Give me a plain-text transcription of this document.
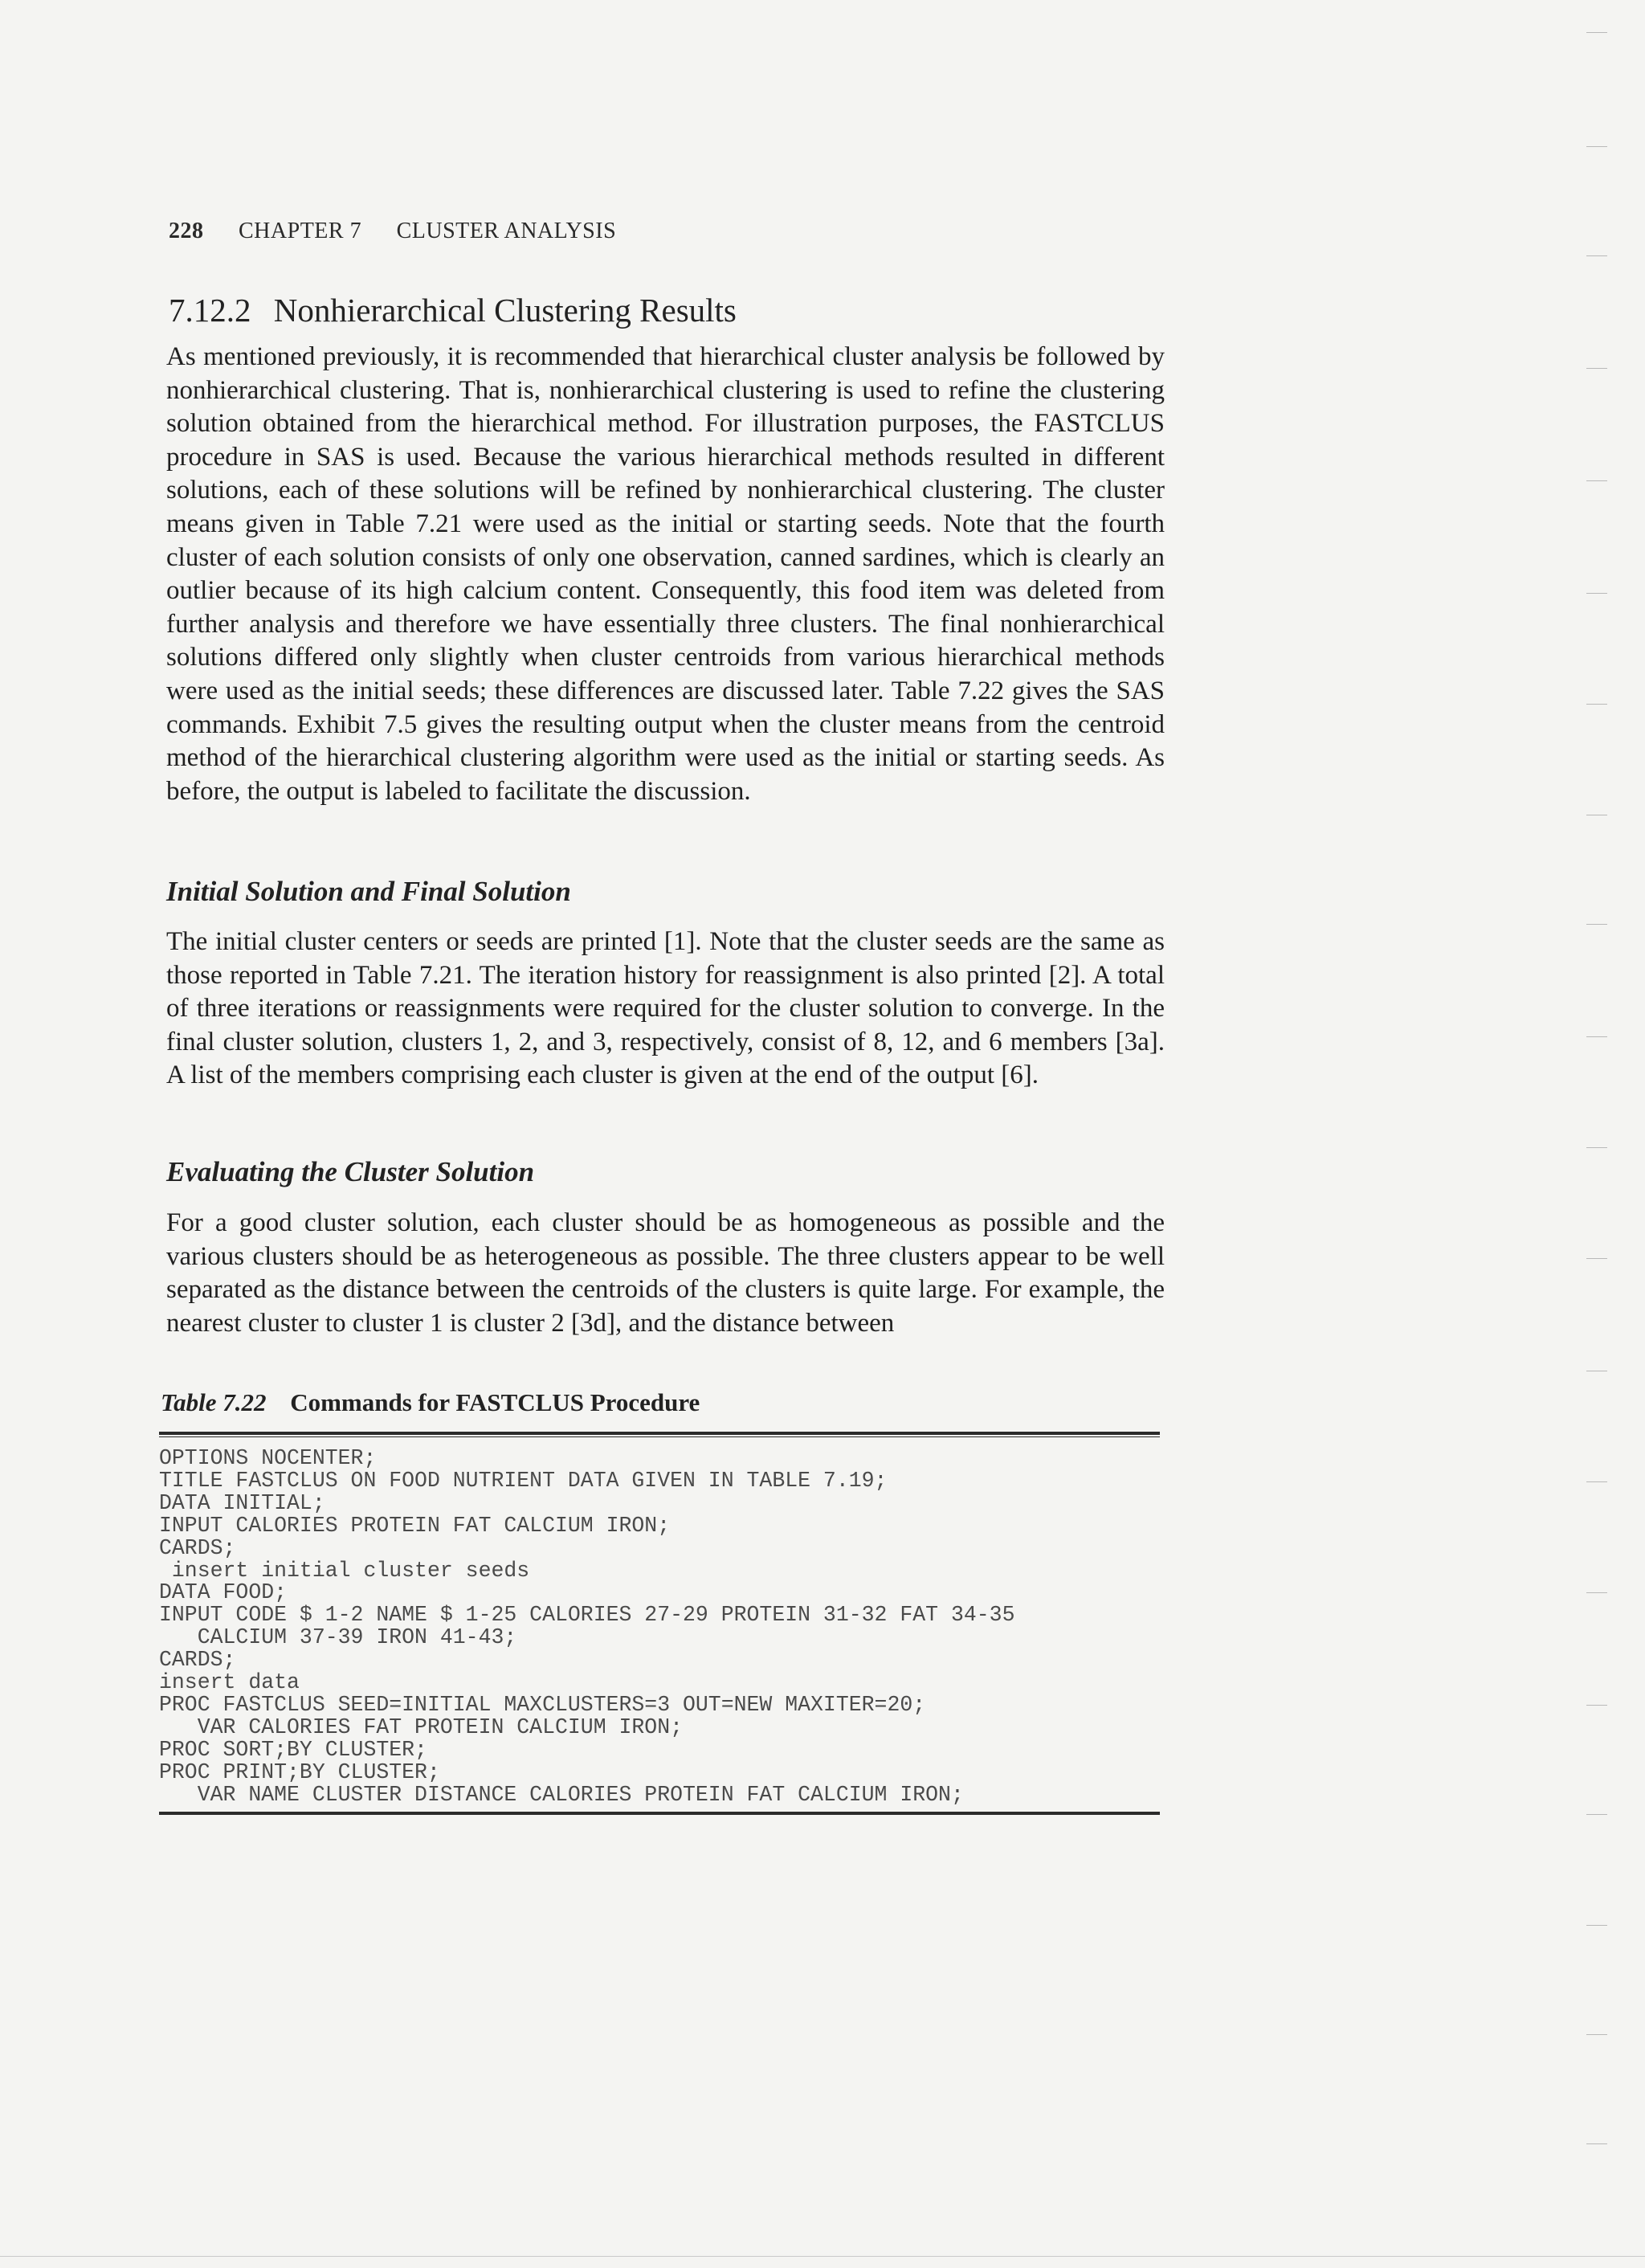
228 CHAPTER 7 CLUSTER ANALYSIS
7.12.2 Nonhierarchical Clustering Results

As mentioned previously, it is recommended that hierarchical cluster analysis be followed by nonhierarchical clustering. That is, nonhierarchical clustering is used to refine the clustering solution obtained from the hierarchical method. For illustration purposes, the FASTCLUS procedure in SAS is used. Because the various hierarchical methods resulted in different solutions, each of these solutions will be refined by nonhierarchical clustering. The cluster means given in Table 7.21 were used as the initial or starting seeds. Note that the fourth cluster of each solution consists of only one observation, canned sardines, which is clearly an outlier because of its high calcium content. Consequently, this food item was deleted from further analysis and therefore we have essentially three clusters. The final nonhierarchical solutions differed only slightly when cluster centroids from various hierarchical methods were used as the initial seeds; these differences are discussed later. Table 7.22 gives the SAS commands. Exhibit 7.5 gives the resulting output when the cluster means from the centroid method of the hierarchical clustering algorithm were used as the initial or starting seeds. As before, the output is labeled to facilitate the discussion.

Initial Solution and Final Solution

The initial cluster centers or seeds are printed [1]. Note that the cluster seeds are the same as those reported in Table 7.21. The iteration history for reassignment is also printed [2]. A total of three iterations or reassignments were required for the cluster solution to converge. In the final cluster solution, clusters 1, 2, and 3, respectively, consist of 8, 12, and 6 members [3a]. A list of the members comprising each cluster is given at the end of the output [6].

Evaluating the Cluster Solution

For a good cluster solution, each cluster should be as homogeneous as possible and the various clusters should be as heterogeneous as possible. The three clusters appear to be well separated as the distance between the centroids of the clusters is quite large. For example, the nearest cluster to cluster 1 is cluster 2 [3d], and the distance between

Table 7.22 Commands for FASTCLUS Procedure
OPTIONS NOCENTER;
TITLE FASTCLUS ON FOOD NUTRIENT DATA GIVEN IN TABLE 7.19;
DATA INITIAL;
INPUT CALORIES PROTEIN FAT CALCIUM IRON;
CARDS;
insert initial cluster seeds
DATA FOOD;
INPUT CODE $ 1-2 NAME $ 1-25 CALORIES 27-29 PROTEIN 31-32 FAT 34-35
CALCIUM 37-39 IRON 41-43;
CARDS;
insert data
PROC FASTCLUS SEED=INITIAL MAXCLUSTERS=3 OUT=NEW MAXITER=20;
VAR CALORIES FAT PROTEIN CALCIUM IRON;
PROC SORT;BY CLUSTER;
PROC PRINT;BY CLUSTER;
VAR NAME CLUSTER DISTANCE CALORIES PROTEIN FAT CALCIUM IRON;
